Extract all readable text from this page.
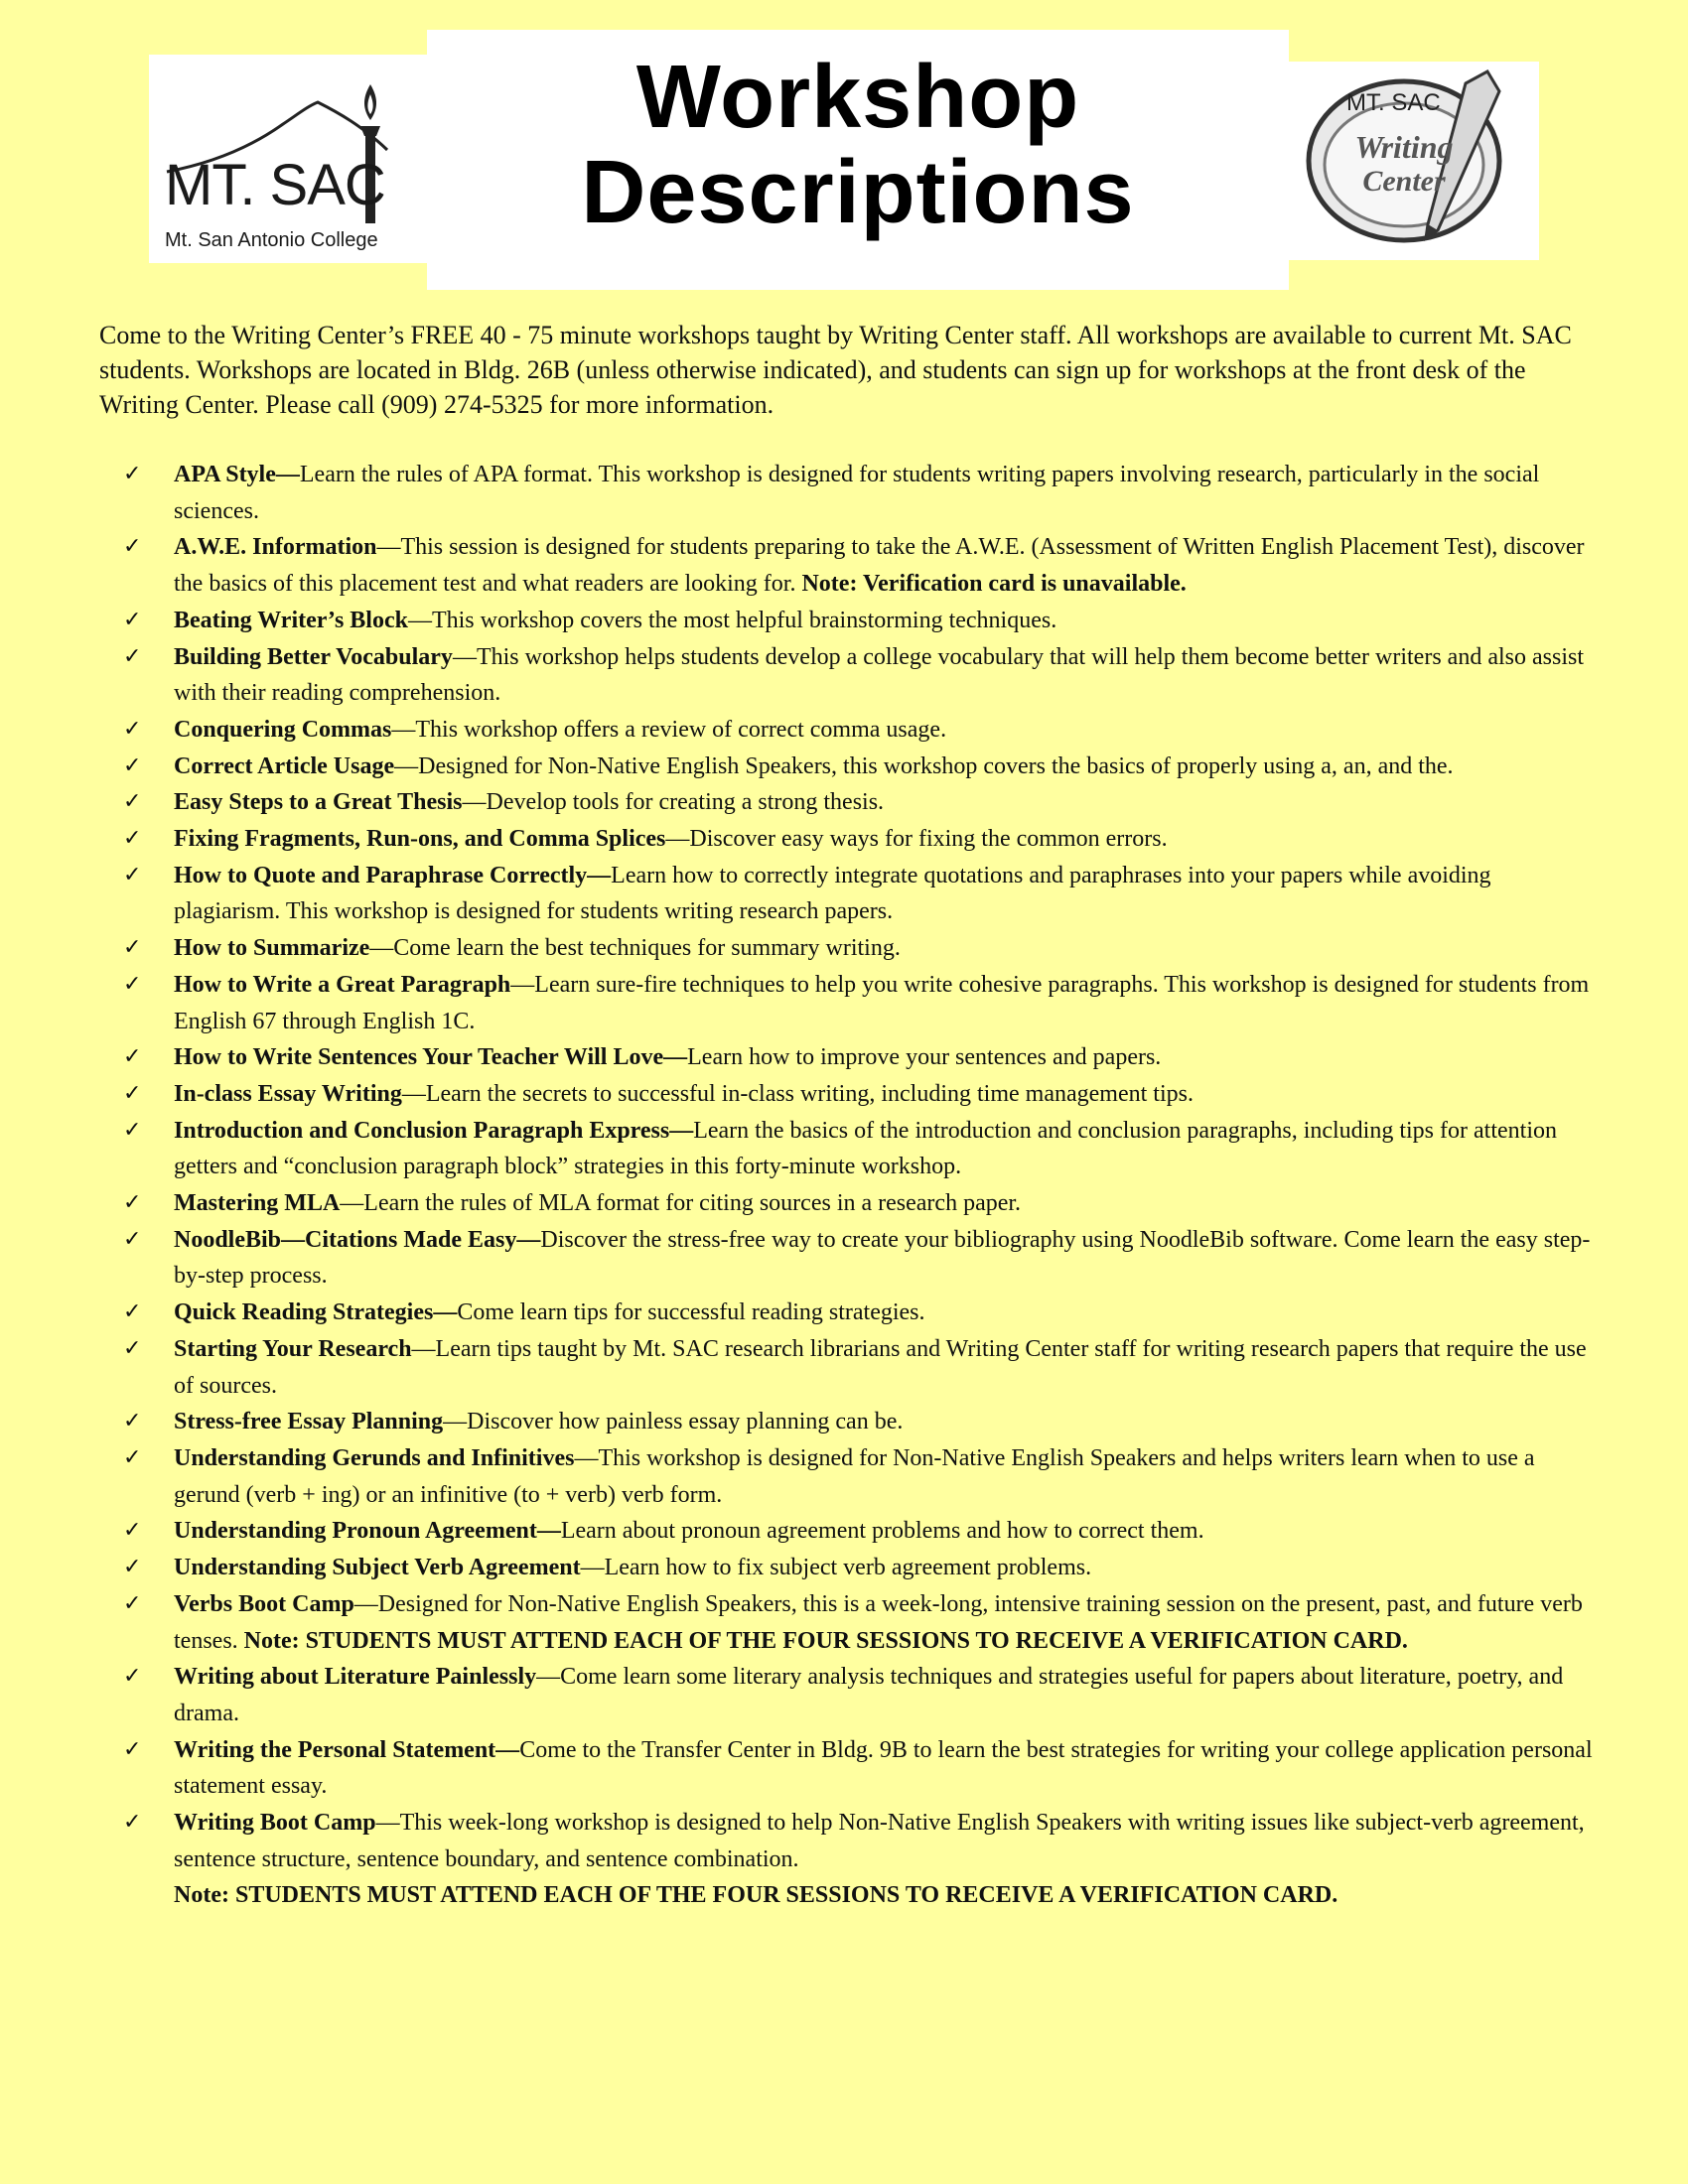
MT. SAC
Mt. San Antonio College
Workshop
Descriptions
MT. SAC
Writing
Center

Come to the Writing Center’s FREE 40 - 75 minute workshops taught by Writing Center staff. All workshops are available to current Mt. SAC students. Workshops are located in Bldg. 26B (unless otherwise indicated), and students can sign up for workshops at the front desk of the Writing Center. Please call (909) 274-5325 for more information.

✓ APA Style—Learn the rules of APA format. This workshop is designed for students writing papers involving research, particularly in the social sciences.
✓ A.W.E. Information—This session is designed for students preparing to take the A.W.E. (Assessment of Written English Placement Test), discover the basics of this placement test and what readers are looking for. Note: Verification card is unavailable.
✓ Beating Writer’s Block—This workshop covers the most helpful brainstorming techniques.
✓ Building Better Vocabulary—This workshop helps students develop a college vocabulary that will help them become better writers and also assist with their reading comprehension.
✓ Conquering Commas—This workshop offers a review of correct comma usage.
✓ Correct Article Usage—Designed for Non-Native English Speakers, this workshop covers the basics of properly using a, an, and the.
✓ Easy Steps to a Great Thesis—Develop tools for creating a strong thesis.
✓ Fixing Fragments, Run-ons, and Comma Splices—Discover easy ways for fixing the common errors.
✓ How to Quote and Paraphrase Correctly—Learn how to correctly integrate quotations and paraphrases into your papers while avoiding plagiarism. This workshop is designed for students writing research papers.
✓ How to Summarize—Come learn the best techniques for summary writing.
✓ How to Write a Great Paragraph—Learn sure-fire techniques to help you write cohesive paragraphs. This workshop is designed for students from English 67 through English 1C.
✓ How to Write Sentences Your Teacher Will Love—Learn how to improve your sentences and papers.
✓ In-class Essay Writing—Learn the secrets to successful in-class writing, including time management tips.
✓ Introduction and Conclusion Paragraph Express—Learn the basics of the introduction and conclusion paragraphs, including tips for attention getters and “conclusion paragraph block” strategies in this forty-minute workshop.
✓ Mastering MLA—Learn the rules of MLA format for citing sources in a research paper.
✓ NoodleBib—Citations Made Easy—Discover the stress-free way to create your bibliography using NoodleBib software. Come learn the easy step-by-step process.
✓ Quick Reading Strategies—Come learn tips for successful reading strategies.
✓ Starting Your Research—Learn tips taught by Mt. SAC research librarians and Writing Center staff for writing research papers that require the use of sources.
✓ Stress-free Essay Planning—Discover how painless essay planning can be.
✓ Understanding Gerunds and Infinitives—This workshop is designed for Non-Native English Speakers and helps writers learn when to use a gerund (verb + ing) or an infinitive (to + verb) verb form.
✓ Understanding Pronoun Agreement—Learn about pronoun agreement problems and how to correct them.
✓ Understanding Subject Verb Agreement—Learn how to fix subject verb agreement problems.
✓ Verbs Boot Camp—Designed for Non-Native English Speakers, this is a week-long, intensive training session on the present, past, and future verb tenses. Note: STUDENTS MUST ATTEND EACH OF THE FOUR SESSIONS TO RECEIVE A VERIFICATION CARD.
✓ Writing about Literature Painlessly—Come learn some literary analysis techniques and strategies useful for papers about literature, poetry, and drama.
✓ Writing the Personal Statement—Come to the Transfer Center in Bldg. 9B to learn the best strategies for writing your college application personal statement essay.
✓ Writing Boot Camp—This week-long workshop is designed to help Non-Native English Speakers with writing issues like subject-verb agreement, sentence structure, sentence boundary, and sentence combination.
Note: STUDENTS MUST ATTEND EACH OF THE FOUR SESSIONS TO RECEIVE A VERIFICATION CARD.
